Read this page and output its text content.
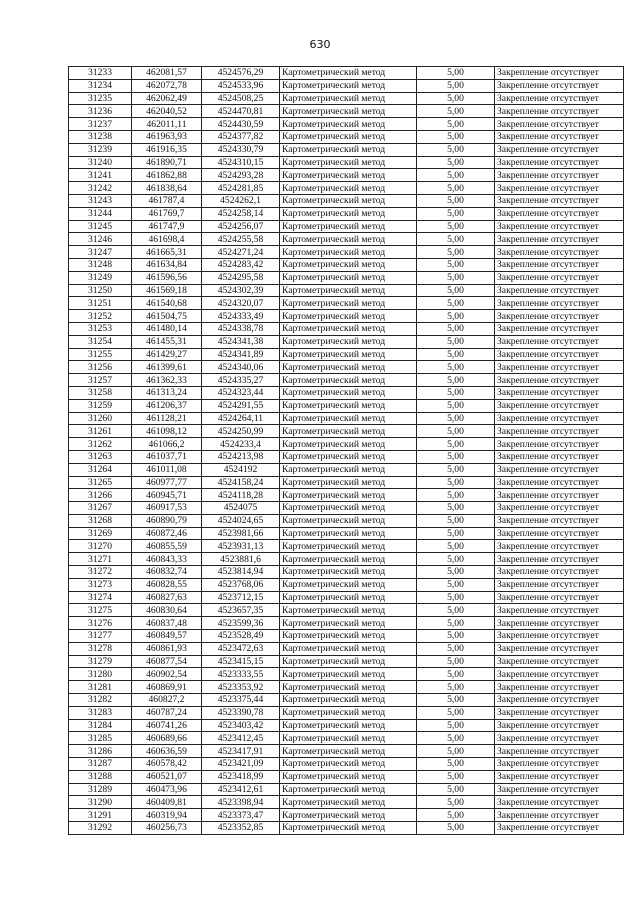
630
31233	462081,57	4524576,29	Картометрический метод	5,00	Закрепление отсутствует
31234	462072,78	4524533,96	Картометрический метод	5,00	Закрепление отсутствует
31235	462062,49	4524508,25	Картометрический метод	5,00	Закрепление отсутствует
31236	462040,52	4524470,81	Картометрический метод	5,00	Закрепление отсутствует
31237	462011,11	4524430,59	Картометрический метод	5,00	Закрепление отсутствует
31238	461963,93	4524377,82	Картометрический метод	5,00	Закрепление отсутствует
31239	461916,35	4524330,79	Картометрический метод	5,00	Закрепление отсутствует
31240	461890,71	4524310,15	Картометрический метод	5,00	Закрепление отсутствует
31241	461862,88	4524293,28	Картометрический метод	5,00	Закрепление отсутствует
31242	461838,64	4524281,85	Картометрический метод	5,00	Закрепление отсутствует
31243	461787,4	4524262,1	Картометрический метод	5,00	Закрепление отсутствует
31244	461769,7	4524258,14	Картометрический метод	5,00	Закрепление отсутствует
31245	461747,9	4524256,07	Картометрический метод	5,00	Закрепление отсутствует
31246	461698,4	4524255,58	Картометрический метод	5,00	Закрепление отсутствует
31247	461665,31	4524271,24	Картометрический метод	5,00	Закрепление отсутствует
31248	461634,84	4524283,42	Картометрический метод	5,00	Закрепление отсутствует
31249	461596,56	4524295,58	Картометрический метод	5,00	Закрепление отсутствует
31250	461569,18	4524302,39	Картометрический метод	5,00	Закрепление отсутствует
31251	461540,68	4524320,07	Картометрический метод	5,00	Закрепление отсутствует
31252	461504,75	4524333,49	Картометрический метод	5,00	Закрепление отсутствует
31253	461480,14	4524338,78	Картометрический метод	5,00	Закрепление отсутствует
31254	461455,31	4524341,38	Картометрический метод	5,00	Закрепление отсутствует
31255	461429,27	4524341,89	Картометрический метод	5,00	Закрепление отсутствует
31256	461399,61	4524340,06	Картометрический метод	5,00	Закрепление отсутствует
31257	461362,33	4524335,27	Картометрический метод	5,00	Закрепление отсутствует
31258	461313,24	4524323,44	Картометрический метод	5,00	Закрепление отсутствует
31259	461206,37	4524291,55	Картометрический метод	5,00	Закрепление отсутствует
31260	461128,21	4524264,11	Картометрический метод	5,00	Закрепление отсутствует
31261	461098,12	4524250,99	Картометрический метод	5,00	Закрепление отсутствует
31262	461066,2	4524233,4	Картометрический метод	5,00	Закрепление отсутствует
31263	461037,71	4524213,98	Картометрический метод	5,00	Закрепление отсутствует
31264	461011,08	4524192	Картометрический метод	5,00	Закрепление отсутствует
31265	460977,77	4524158,24	Картометрический метод	5,00	Закрепление отсутствует
31266	460945,71	4524118,28	Картометрический метод	5,00	Закрепление отсутствует
31267	460917,53	4524075	Картометрический метод	5,00	Закрепление отсутствует
31268	460890,79	4524024,65	Картометрический метод	5,00	Закрепление отсутствует
31269	460872,46	4523981,66	Картометрический метод	5,00	Закрепление отсутствует
31270	460855,59	4523931,13	Картометрический метод	5,00	Закрепление отсутствует
31271	460843,33	4523881,6	Картометрический метод	5,00	Закрепление отсутствует
31272	460832,74	4523814,94	Картометрический метод	5,00	Закрепление отсутствует
31273	460828,55	4523768,06	Картометрический метод	5,00	Закрепление отсутствует
31274	460827,63	4523712,15	Картометрический метод	5,00	Закрепление отсутствует
31275	460830,64	4523657,35	Картометрический метод	5,00	Закрепление отсутствует
31276	460837,48	4523599,36	Картометрический метод	5,00	Закрепление отсутствует
31277	460849,57	4523528,49	Картометрический метод	5,00	Закрепление отсутствует
31278	460861,93	4523472,63	Картометрический метод	5,00	Закрепление отсутствует
31279	460877,54	4523415,15	Картометрический метод	5,00	Закрепление отсутствует
31280	460902,54	4523333,55	Картометрический метод	5,00	Закрепление отсутствует
31281	460869,91	4523353,92	Картометрический метод	5,00	Закрепление отсутствует
31282	460827,2	4523375,44	Картометрический метод	5,00	Закрепление отсутствует
31283	460787,24	4523390,78	Картометрический метод	5,00	Закрепление отсутствует
31284	460741,26	4523403,42	Картометрический метод	5,00	Закрепление отсутствует
31285	460689,66	4523412,45	Картометрический метод	5,00	Закрепление отсутствует
31286	460636,59	4523417,91	Картометрический метод	5,00	Закрепление отсутствует
31287	460578,42	4523421,09	Картометрический метод	5,00	Закрепление отсутствует
31288	460521,07	4523418,99	Картометрический метод	5,00	Закрепление отсутствует
31289	460473,96	4523412,61	Картометрический метод	5,00	Закрепление отсутствует
31290	460409,81	4523398,94	Картометрический метод	5,00	Закрепление отсутствует
31291	460319,94	4523373,47	Картометрический метод	5,00	Закрепление отсутствует
31292	460256,73	4523352,85	Картометрический метод	5,00	Закрепление отсутствует
